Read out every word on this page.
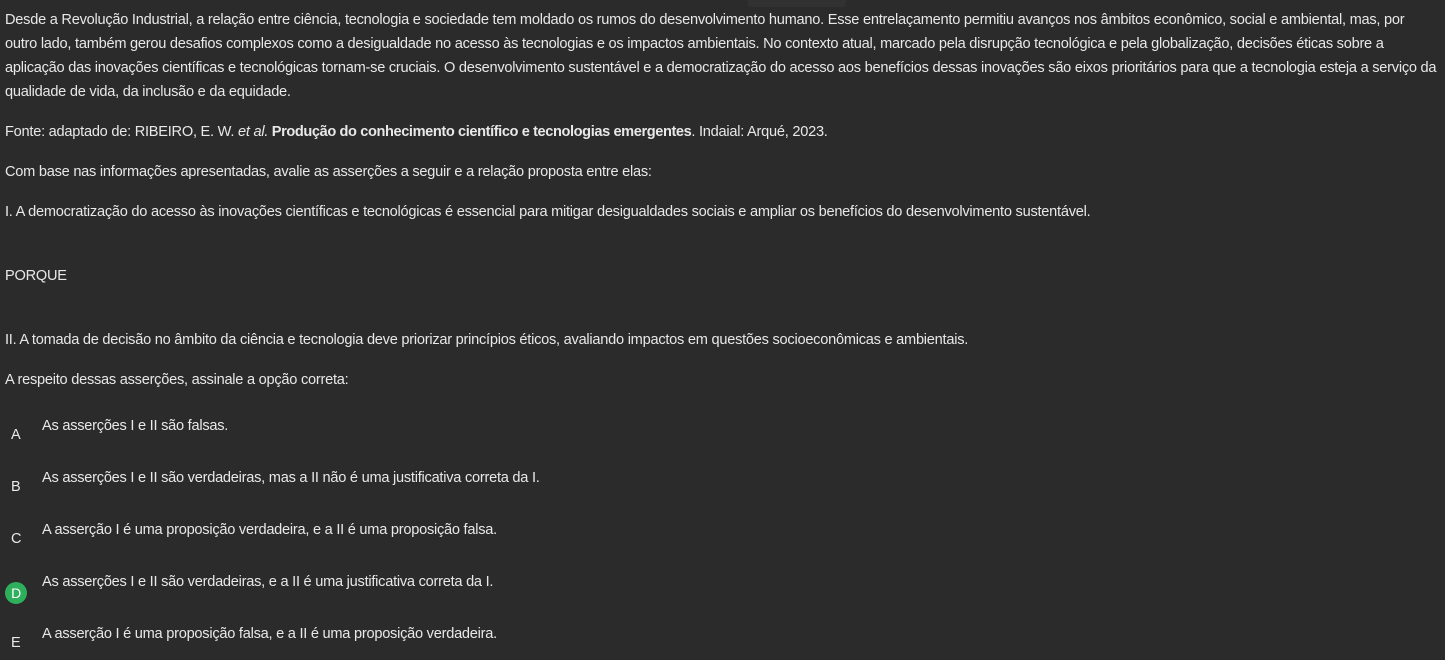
Desde a Revolução Industrial, a relação entre ciência, tecnologia e sociedade tem moldado os rumos do desenvolvimento humano. Esse entrelaçamento permitiu avanços nos âmbitos econômico, social e ambiental, mas, por outro lado, também gerou desafios complexos como a desigualdade no acesso às tecnologias e os impactos ambientais. No contexto atual, marcado pela disrupção tecnológica e pela globalização, decisões éticas sobre a aplicação das inovações científicas e tecnológicas tornam-se cruciais. O desenvolvimento sustentável e a democratização do acesso aos benefícios dessas inovações são eixos prioritários para que a tecnologia esteja a serviço da qualidade de vida, da inclusão e da equidade.

Fonte: adaptado de: RIBEIRO, E. W. et al. Produção do conhecimento científico e tecnologias emergentes. Indaial: Arqué, 2023.
Com base nas informações apresentadas, avalie as asserções a seguir e a relação proposta entre elas:
I. A democratização do acesso às inovações científicas e tecnológicas é essencial para mitigar desigualdades sociais e ampliar os benefícios do desenvolvimento sustentável.
PORQUE
II. A tomada de decisão no âmbito da ciência e tecnologia deve priorizar princípios éticos, avaliando impactos em questões socioeconômicas e ambientais.
A respeito dessas asserções, assinale a opção correta:
A
As asserções I e II são falsas.
B
As asserções I e II são verdadeiras, mas a II não é uma justificativa correta da I.
C
A asserção I é uma proposição verdadeira, e a II é uma proposição falsa.
D
As asserções I e II são verdadeiras, e a II é uma justificativa correta da I.
E
A asserção I é uma proposição falsa, e a II é uma proposição verdadeira.
